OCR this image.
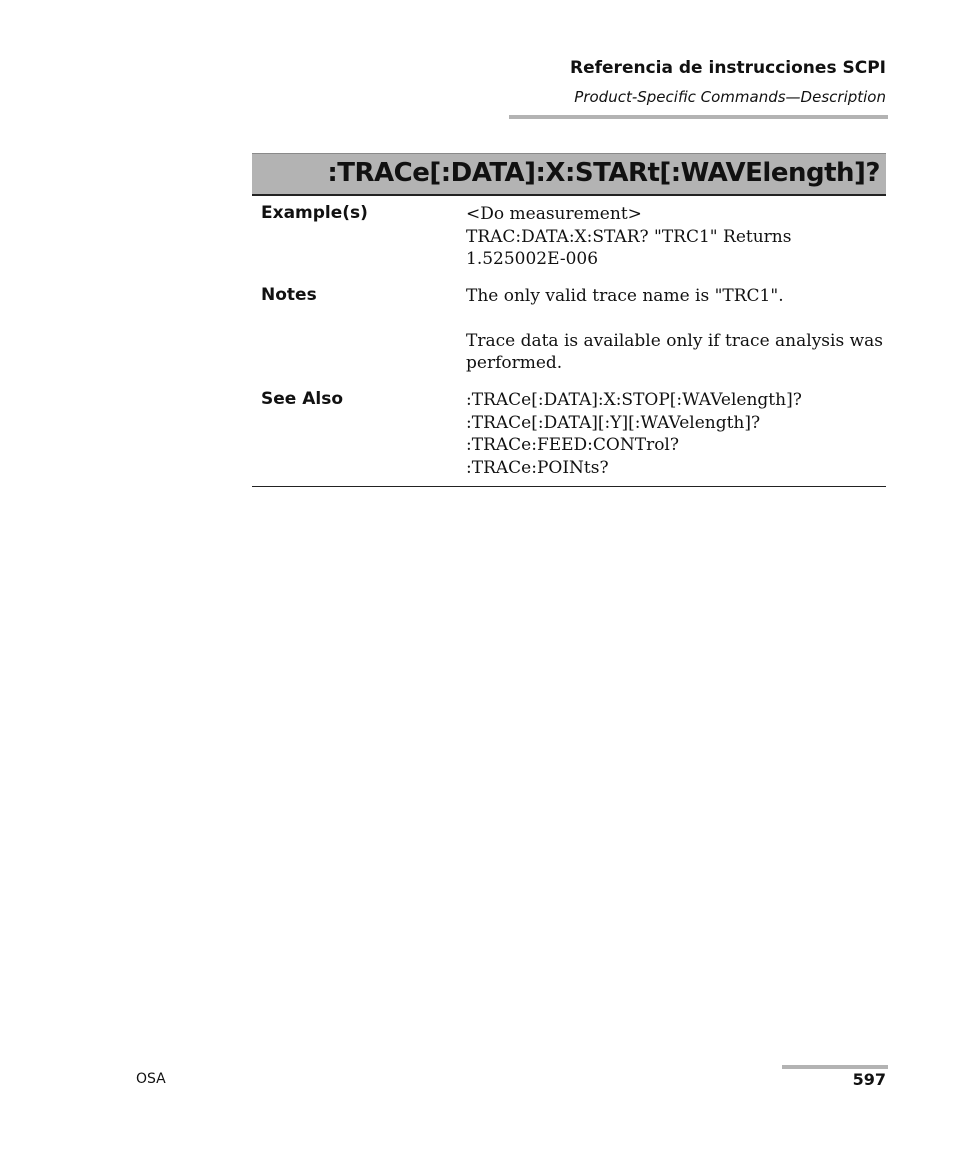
Referencia de instrucciones SCPI
Product-Specific Commands—Description
:TRACe[:DATA]:X:STARt[:WAVElength]?
Example(s)	<Do measurement>
TRAC:DATA:X:STAR? "TRC1" Returns
1.525002E-006
Notes	The only valid trace name is "TRC1".
Trace data is available only if trace analysis was
performed.
See Also	:TRACe[:DATA]:X:STOP[:WAVelength]?
:TRACe[:DATA][:Y][:WAVelength]?
:TRACe:FEED:CONTrol?
:TRACe:POINts?
OSA	597
